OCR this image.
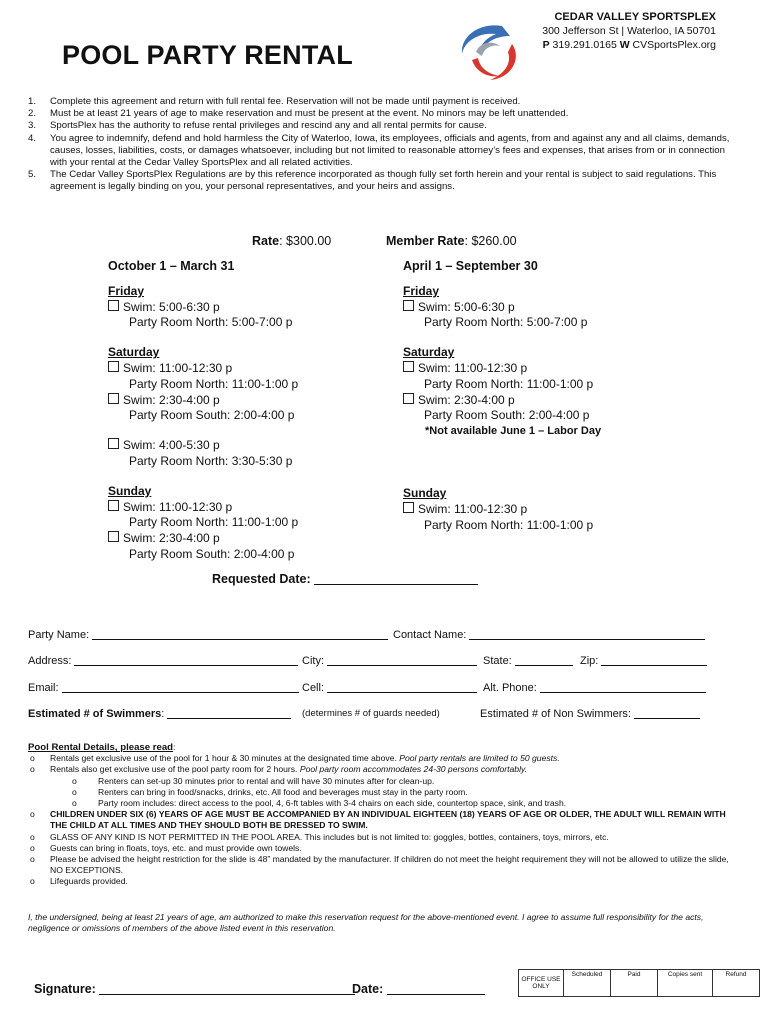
POOL PARTY RENTAL
CEDAR VALLEY SPORTSPLEX
300 Jefferson St | Waterloo, IA 50701
P 319.291.0165 W CVSportsPlex.org
1. Complete this agreement and return with full rental fee. Reservation will not be made until payment is received.
2. Must be at least 21 years of age to make reservation and must be present at the event. No minors may be left unattended.
3. SportsPlex has the authority to refuse rental privileges and rescind any and all rental permits for cause.
4. You agree to indemnify, defend and hold harmless the City of Waterloo, Iowa, its employees, officials and agents, from and against any and all claims, demands, causes, losses, liabilities, costs, or damages whatsoever, including but not limited to reasonable attorney’s fees and expenses, that arises from or in connection with your rental at the Cedar Valley SportsPlex and all related activities.
5. The Cedar Valley SportsPlex Regulations are by this reference incorporated as though fully set forth herein and your rental is subject to said regulations. This agreement is legally binding on you, your personal representatives, and your heirs and assigns.
Rate: $300.00	Member Rate: $260.00
October 1 – March 31
Friday
Swim: 5:00-6:30 p
Party Room North: 5:00-7:00 p
Saturday
Swim: 11:00-12:30 p
Party Room North: 11:00-1:00 p
Swim: 2:30-4:00 p
Party Room South: 2:00-4:00 p
Swim: 4:00-5:30 p
Party Room North: 3:30-5:30 p
Sunday
Swim: 11:00-12:30 p
Party Room North: 11:00-1:00 p
Swim: 2:30-4:00 p
Party Room South: 2:00-4:00 p
April 1 – September 30
Friday
Swim: 5:00-6:30 p
Party Room North: 5:00-7:00 p
Saturday
Swim: 11:00-12:30 p
Party Room North: 11:00-1:00 p
Swim: 2:30-4:00 p
Party Room South: 2:00-4:00 p
*Not available June 1 – Labor Day
Sunday
Swim: 11:00-12:30 p
Party Room North: 11:00-1:00 p
Requested Date:
Party Name:	Contact Name:
Address:	City:	State:	Zip:
Email:	Cell:	Alt. Phone:
Estimated # of Swimmers:	(determines # of guards needed)	Estimated # of Non Swimmers:
Pool Rental Details, please read:
o Rentals get exclusive use of the pool for 1 hour & 30 minutes at the designated time above. Pool party rentals are limited to 50 guests.
o Rentals also get exclusive use of the pool party room for 2 hours. Pool party room accommodates 24-30 persons comfortably.
o Renters can set-up 30 minutes prior to rental and will have 30 minutes after for clean-up.
o Renters can bring in food/snacks, drinks, etc. All food and beverages must stay in the party room.
o Party room includes: direct access to the pool, 4, 6-ft tables with 3-4 chairs on each side, countertop space, sink, and trash.
o CHILDREN UNDER SIX (6) YEARS OF AGE MUST BE ACCOMPANIED BY AN INDIVIDUAL EIGHTEEN (18) YEARS OF AGE OR OLDER, THE ADULT WILL REMAIN WITH THE CHILD AT ALL TIMES AND THEY SHOULD BOTH BE DRESSED TO SWIM.
o GLASS OF ANY KIND IS NOT PERMITTED IN THE POOL AREA. This includes but is not limited to: goggles, bottles, containers, toys, mirrors, etc.
o Guests can bring in floats, toys, etc. and must provide own towels.
o Please be advised the height restriction for the slide is 48” mandated by the manufacturer. If children do not meet the height requirement they will not be allowed to utilize the slide, NO EXCEPTIONS.
o Lifeguards provided.
I, the undersigned, being at least 21 years of age, am authorized to make this reservation request for the above-mentioned event. I agree to assume full responsibility for the acts, negligence or omissions of members of the above listed event in this reservation.
Signature:	Date:
OFFICE USE ONLY	Scheduled	Paid	Copies sent	Refund
